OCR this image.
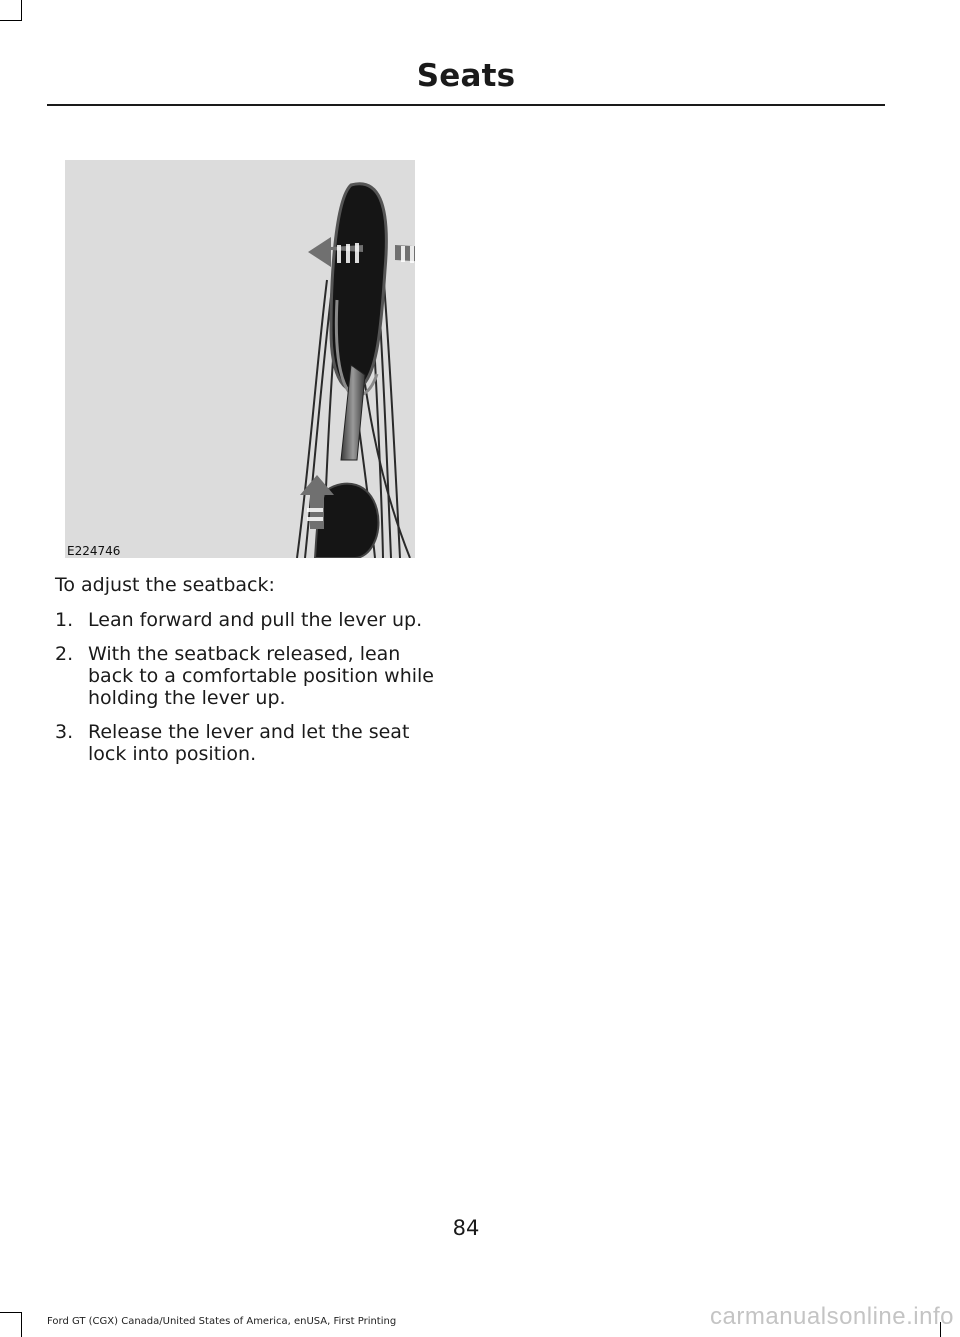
Seats
E224746
To adjust the seatback:
1. Lean forward and pull the lever up.
2. With the seatback released, lean back to a comfortable position while holding the lever up.
3. Release the lever and let the seat lock into position.
84
Ford GT (CGX) Canada/United States of America, enUSA, First Printing	carmanualsonline.info
